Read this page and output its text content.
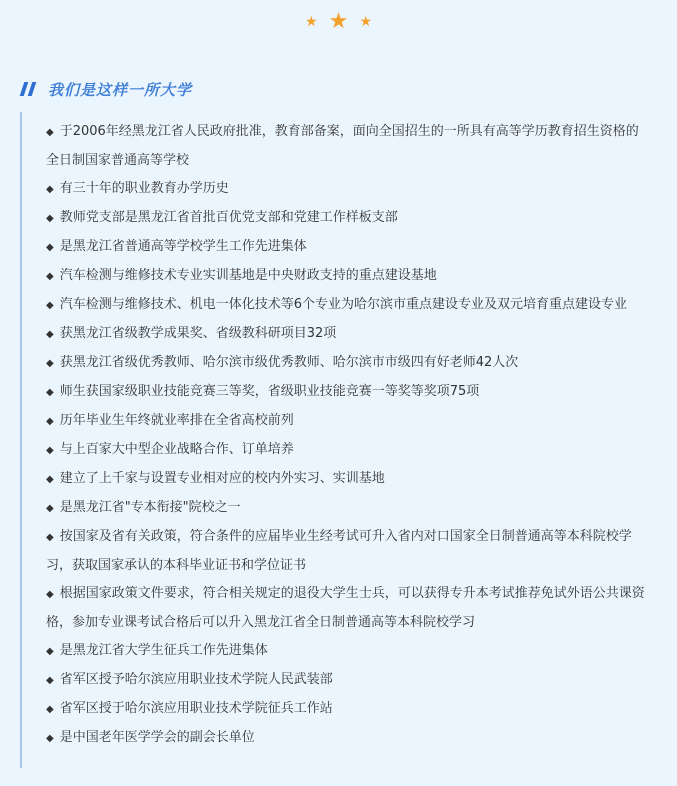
★ ★ ★
我们是这样一所大学
◆ 于2006年经黑龙江省人民政府批准，教育部备案，面向全国招生的一所具有高等学历教育招生资格的全日制国家普通高等学校
◆ 有三十年的职业教育办学历史
◆ 教师党支部是黑龙江省首批百优党支部和党建工作样板支部
◆ 是黑龙江省普通高等学校学生工作先进集体
◆ 汽车检测与维修技术专业实训基地是中央财政支持的重点建设基地
◆ 汽车检测与维修技术、机电一体化技术等6个专业为哈尔滨市重点建设专业及双元培育重点建设专业
◆ 获黑龙江省级教学成果奖、省级教科研项目32项
◆ 获黑龙江省级优秀教师、哈尔滨市级优秀教师、哈尔滨市市级四有好老师42人次
◆ 师生获国家级职业技能竞赛三等奖，省级职业技能竞赛一等奖等奖项75项
◆ 历年毕业生年终就业率排在全省高校前列
◆ 与上百家大中型企业战略合作、订单培养
◆ 建立了上千家与设置专业相对应的校内外实习、实训基地
◆ 是黑龙江省"专本衔接"院校之一
◆ 按国家及省有关政策，符合条件的应届毕业生经考试可升入省内对口国家全日制普通高等本科院校学习，获取国家承认的本科毕业证书和学位证书
◆ 根据国家政策文件要求，符合相关规定的退役大学生士兵，可以获得专升本考试推荐免试外语公共课资格，参加专业课考试合格后可以升入黑龙江省全日制普通高等本科院校学习
◆ 是黑龙江省大学生征兵工作先进集体
◆ 省军区授予哈尔滨应用职业技术学院人民武装部
◆ 省军区授于哈尔滨应用职业技术学院征兵工作站
◆ 是中国老年医学学会的副会长单位
